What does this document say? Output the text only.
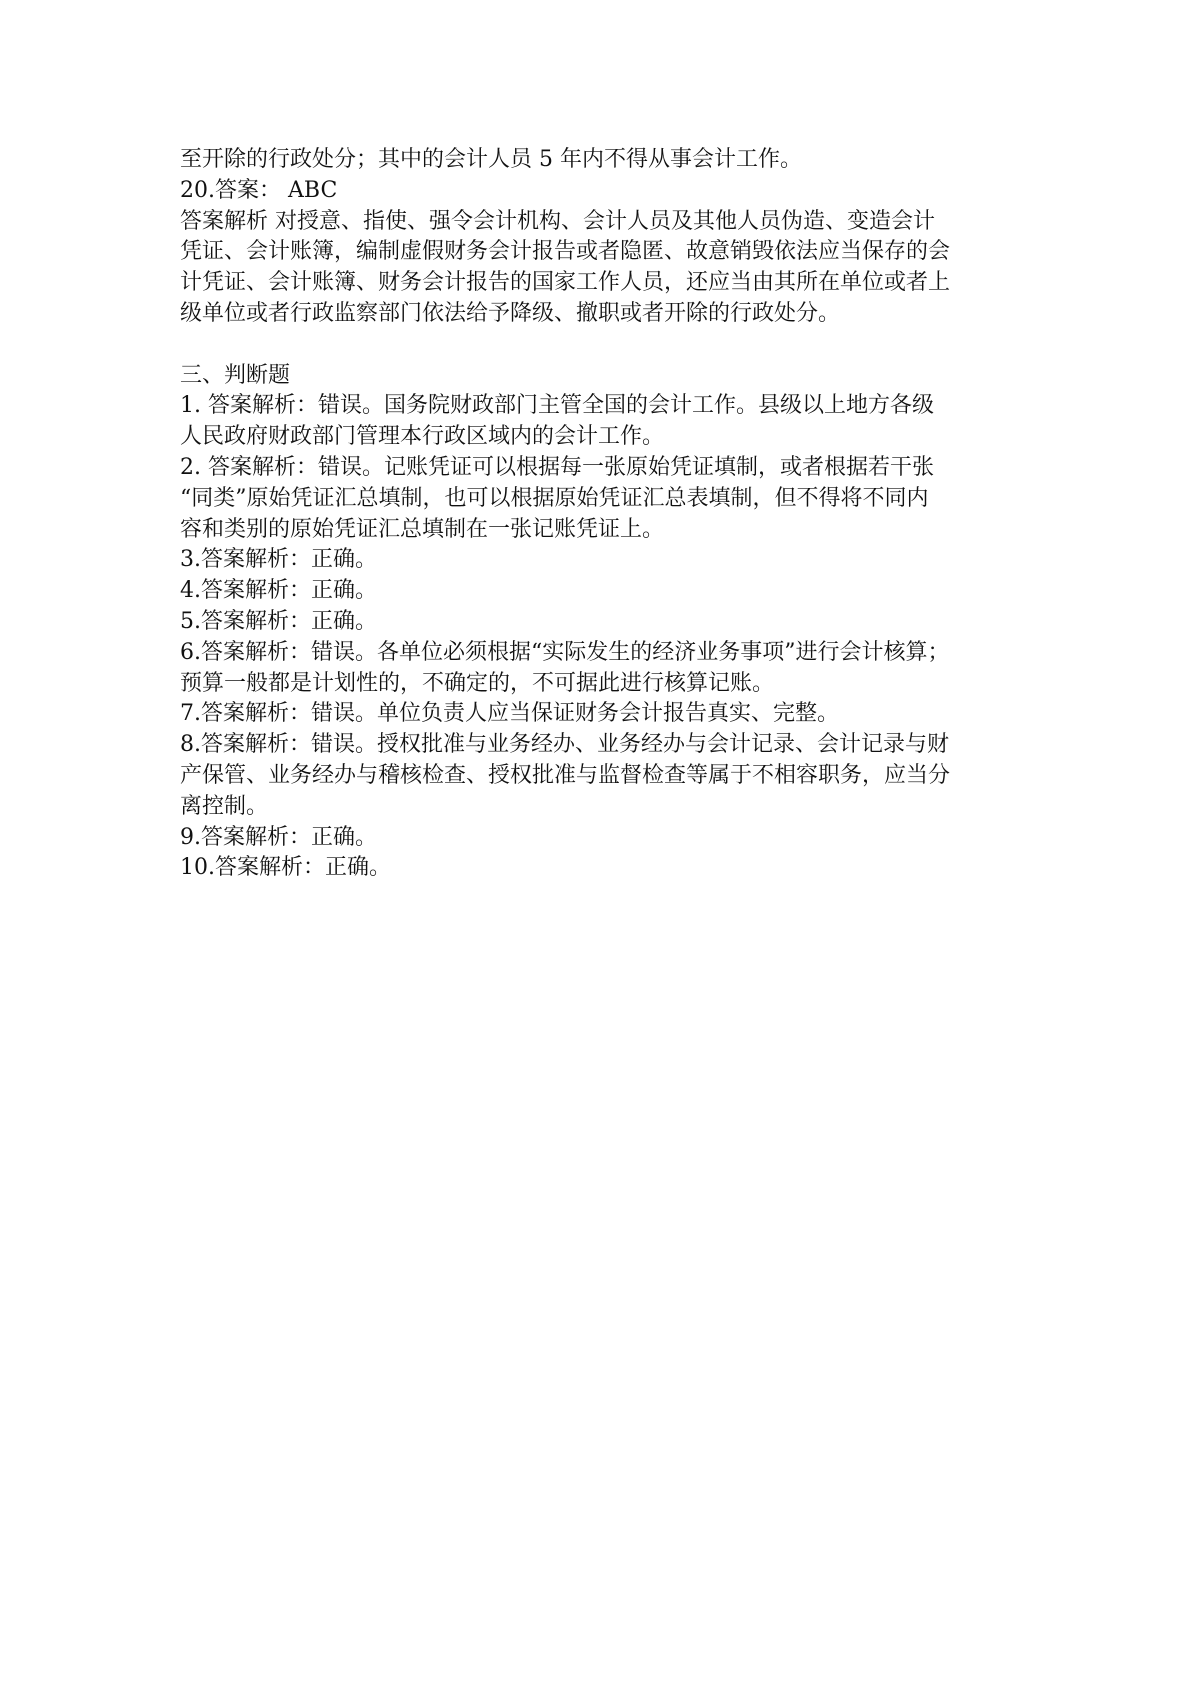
至开除的行政处分；其中的会计人员 5 年内不得从事会计工作。
20.答案： ABC
答案解析 对授意、指使、强令会计机构、会计人员及其他人员伪造、变造会计
凭证、会计账簿，编制虚假财务会计报告或者隐匿、故意销毁依法应当保存的会
计凭证、会计账簿、财务会计报告的国家工作人员，还应当由其所在单位或者上
级单位或者行政监察部门依法给予降级、撤职或者开除的行政处分。
三、判断题
1. 答案解析：错误。国务院财政部门主管全国的会计工作。县级以上地方各级
人民政府财政部门管理本行政区域内的会计工作。
2. 答案解析：错误。记账凭证可以根据每一张原始凭证填制，或者根据若干张
“同类”原始凭证汇总填制，也可以根据原始凭证汇总表填制，但不得将不同内
容和类别的原始凭证汇总填制在一张记账凭证上。
3.答案解析：正确。
4.答案解析：正确。
5.答案解析：正确。
6.答案解析：错误。各单位必须根据“实际发生的经济业务事项”进行会计核算；
预算一般都是计划性的，不确定的，不可据此进行核算记账。
7.答案解析：错误。单位负责人应当保证财务会计报告真实、完整。
8.答案解析：错误。授权批准与业务经办、业务经办与会计记录、会计记录与财
产保管、业务经办与稽核检查、授权批准与监督检查等属于不相容职务，应当分
离控制。
9.答案解析：正确。
10.答案解析：正确。
